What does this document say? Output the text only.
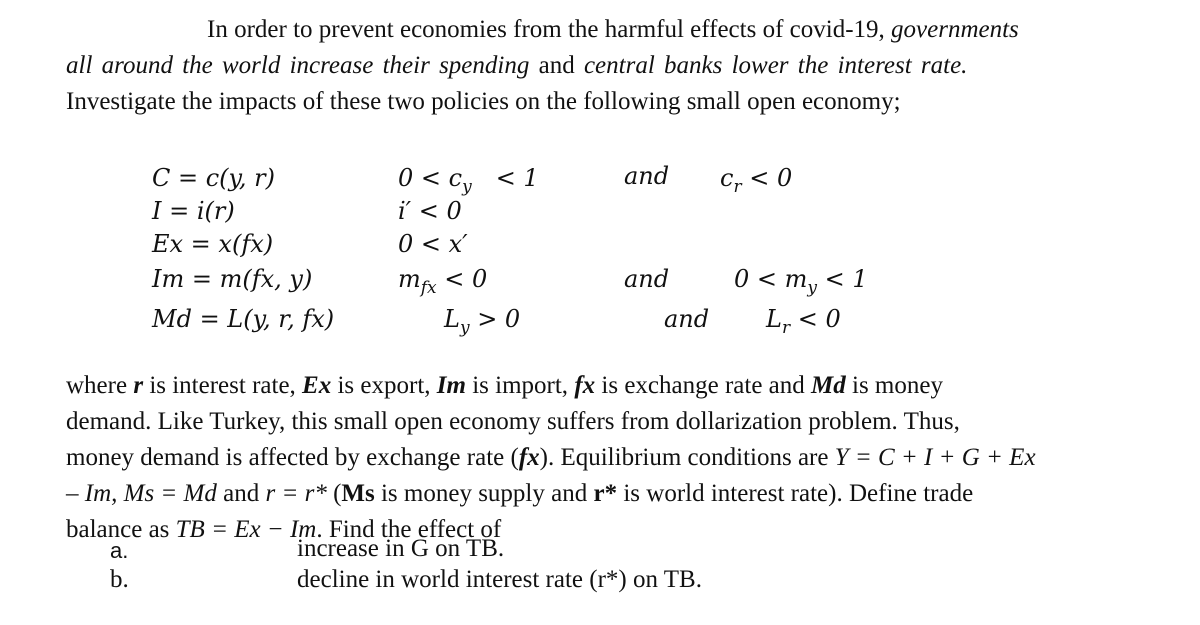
In order to prevent economies from the harmful effects of covid-19, governments
all around the world increase their spending and central banks lower the interest rate.
Investigate the impacts of these two policies on the following small open economy;
C = c(y, r)
I = i(r)
Ex = x(fx)
Im = m(fx, y)
Md = L(y, r, fx)
$0 < c_y < 1$
i′ < 0
0 < x′
$m_{fx} < 0$
$L_y > 0$
and
and
and
$c_r < 0$
$0 < m_y < 1$
$L_r < 0$
where r is interest rate, Ex is export, Im is import, fx is exchange rate and Md is money
demand. Like Turkey, this small open economy suffers from dollarization problem. Thus,
money demand is affected by exchange rate (fx). Equilibrium conditions are Y = C + I + G + Ex
– Im, Ms = Md and r = r* (Ms is money supply and r* is world interest rate). Define trade
balance as TB = Ex − Im. Find the effect of
a.	increase in G on TB.
b.	decline in world interest rate (r*) on TB.
